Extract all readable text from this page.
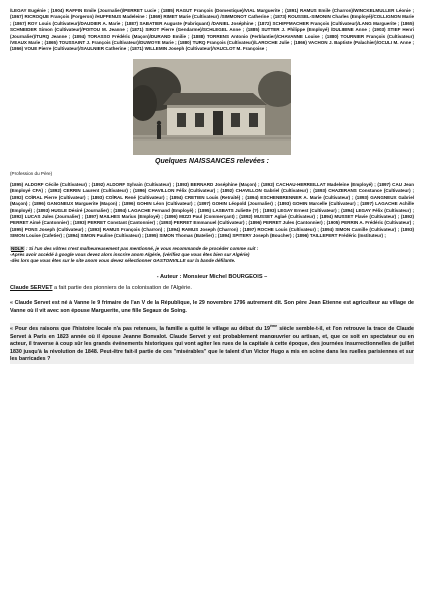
/LEGAY Eugénie ; (1904) RAFFIN Emile (Journalier)/PERRET Lucie ; (1885) RAGUT François (Domestique)/VIAL Marguerite ; (1891) RAMUS Emile (Charron)/WINCKELMULLER Léonie ; (1867) RICROQUE François (Forgeron) /HUFFENUS Madeleine : (1869) RIMET Marie (Cultivateur) /SIMMONOT Catherine ; (1873) ROUSSEL-SIMONIN Charles (Employé)/COLLIGNON Marie ; (1867) ROY Louis (Cultivateur)/DAUDIER A. Marie ; (1887) SABATIER Auguste (Fabriquant) /DANIEL Joséphine ; (1872) SCHIFFMACHER François (Cultivateur)/LANG Marguerite ; (1865) SCHNEIDER Simon (Cultivateur)/POITOU M. Jeanne ; (1871) SIROT Pierre (Gendarme)/SCHLEGEL Anne ; (1885) SUTTER J. Philippe (Employé) /DULIBINE Anne ; (1903) STIEF Henri (Journalier)/TURQ Jeanne ; (1894) TORASSO Frédéric (Maçon)/DURAND Emilie ; (1888) TORRENS Antonio (Ferblantier)/CHAVANNE Louise ; (1880) TOURNIER François (Cultivateur) /VEAUX Marie ; (1865) TOUSSAINT J. François (Cultivateur)/DUWOYE Marie ; (1880) TURQ François (Cultivateur)/LAROCHE Julie ; (1866) VACHON J. Baptiste (Palachier)/OCULI M. Anne ; (1866) VOUE Pierre (Cultivateur)/SAULNIER Catherine ; (1871) WILLEMIN Joseph (Cultivateur)/VAUCLOT M. Françoise ;
Quelques NAISSANCES relevées :
(Profession du Père)
(1895) ALDORF Cécile (Cultivateur) ; (1892) ALDORF Sylvain (Cultivateur) ; (1893) BERNARD Joséphine (Maçon) ; (1892) CACHAU-HERREILLAT Madeleine (Employé) ; (1897) CAU Jean (Employé CFA) ; (1892) CERRIN Laurent (Cultivateur) ; (1896) CHAVILLON Félix (Cultivateur) ; (1892) CHAVILLON Gabriel (Cultivateur) ; (1893) CHAZERANS Constance (Cultivateur) ; (1892) COÏRAL Pierre (Cultivateur) ; (1893) COÏRAL René (Cultivateur) ; (1894) CRETIEN Louis (Retraité) ; (1894) ESCHENBRENNER A. Marie (Cultivateur) ; (1893) GANGNEUX Gabriel (Maçon) ; (1896) GANGNEUX Marguerite (Maçon) ; (1896) GOHIN Léon (Cultivateur) ; (1897) GOHIN Léopold (Journalier) ; (1893) GOHIN Marcelle (Cultivateur) ; (1897) LAGACHE Achille (Employé) ; (1893) HUGLE Désiré (Journalier) ; (1894) LAGACHE Fernand (Employé) ; (1895) LASBATS Juliette (?) ; (1893) LEGAY Ernest (Cultivateur) ; (1894) LEGAY Félix (Cultivateur) ; (1892) LUCAS Jules (Journalier) ; (1897) MAILHES Marius (Employé) ; (1896) MIZZI Paul (Commerçant) ; (1892) MUSSET Aglaé (Cultivateur) ; (1894) MUSSET Flavie (Cultivateur) ; (1892) PERRET Aimé (Cantonnier) ; (1893) PERRET Constant (Cantonnier) ; (1893) PERRET Emmanuel (Cultivateur) ; (1896) PERRET Jules (Cantonnier) ; (1905) PERRIN A. Frédéric (Cultivateur) ; (1895) PONS Joseph (Cultivateur) ; (1893) RAMUS François (Charron) ; (1894) RAMUS Joseph (Charron) ; (1897) ROCHE Louis (Cultivateur) ; (1894) SIMON Camille (Cultivateur) ; (1893) SIMON Louise (Cafetier) ; (1894) SIMON Pauline (Cultivateur) ; (1895) SIMON Thomas (Batelier) ; (1894) SPITERY Joseph (Boucher) ; (1896) TAILLEFERT Frédéric (Instituteur) ;
NDLR : Si l'un des vôtres n'est malheureusement pas mentionné, je vous recommande de procéder comme suit :
-Après avoir accédé à google vous devez alors inscrire anom Algérie, (vérifiez que vous êtes bien sur Algérie)
-dès lors que vous êtes sur le site anom vous devez sélectionner GASTONVILLE sur la bande défilante.
- Auteur : Monsieur Michel BOURGEOIS –
Claude SERVET a fait partie des pionniers de la colonisation de l'Algérie.
« Claude Servet est né à Vanne le 9 frimaire de l'an V de la République, le 29 novembre 1796 autrement dit. Son père Jean Etienne est agriculteur au village de Vanne où il vit avec son épouse Marguerite, une fille Segaux de Soing.
« Pour des raisons que l'histoire locale n'a pas retenues, la famille a quitté le village au début du 19ème siècle semble-t-il, et l'on retrouve la trace de Claude Servet à Paris en 1823 année où il épouse Jeanne Bonvalot. Claude Servet y est probablement manœuvrier ou artisan, et, que ce soit en spectateur ou en acteur, il traverse à coup sûr les grands événements historiques qui vont agiter les rues de la capitale à cette époque, des journées insurrectionnelles de juillet 1830 jusqu'à la révolution de 1848. Peut-être fait-il partie de ces "misérables" que le talent d'un Victor Hugo a mis en scène dans les ruelles parisiennes et sur les barricades ?
